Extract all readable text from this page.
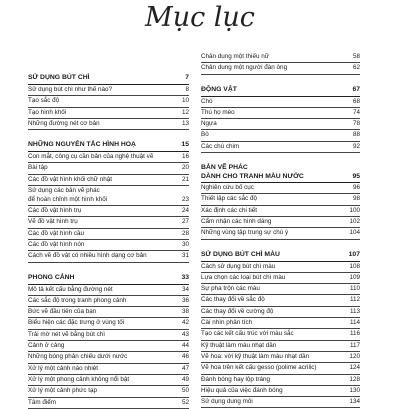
Mục lục
SỬ DỤNG BÚT CHÌ	7
Sử dụng bút chì như thế nào?	8
Tạo sắc độ	10
Tạo hình khối	12
Những đường nét cơ bản	13
NHỮNG NGUYÊN TẮC HÌNH HOẠ	15
Con mắt, công cụ cần bản của nghệ thuật vẽ	16
Bài tập	20
Các đồ vật hình khối chữ nhật	21
Sử dụng các bản vẽ phác
để hoàn chỉnh một hình khối	23
Các đồ vật hình trụ	24
Vẽ đồ vật hình trụ	27
Các đồ vật hình cầu	28
Các đồ vật hình nón	30
Cách vẽ đồ vật có nhiều hình dạng cơ bản	31
PHONG CẢNH	33
Mô tả kết cấu bằng đường nét	34
Các sắc độ trong tranh phong cảnh	36
Bức vẽ đầu tiên của bạn	38
Biểu hiện các đặc trưng ở vùng tối	42
Trải mờ nét vẽ bằng bút chì	43
Cảnh ở cảng	44
Những bóng phản chiếu dưới nước	46
Xử lý một cảnh nào nhiệt	47
Xử lý một phong cảnh không nổi bật	49
Xử lý một cảnh phức tạp	50
Tâm điểm	52
Chân dung một thiếu nữ	58
Chân dung một người đàn ông	62
ĐỘNG VẬT	67
Chó	68
Thú họ mèo	74
Ngựa	78
Bò	88
Các chú chim	92
BẢN VẼ PHÁC
DÀNH CHO TRANH MÀU NƯỚC	95
Nghiên cứu bố cục	96
Thiết lập các sắc độ	98
Xác định các chi tiết	100
Cẩm nhận các hình dáng	102
Những vùng tập trung sự chú ý	104
SỬ DỤNG BÚT CHÌ MÀU	107
Cách sử dụng bút chì màu	108
Lựa chọn các loại bút chì màu	109
Sự pha trộn các màu	110
Các thay đổi về sắc độ	112
Các thay đổi về cường độ	113
Cài nhìn phân tích	114
Tạo các kết cấu trúc với màu sắc	116
Kỹ thuật làm màu nhạt dần	117
Vẽ hoa: với kỹ thuật làm màu nhạt dần	120
Vẽ hoa trên kết cấu gesso (polime acrilic)	124
Đánh bóng hay lộp tráng	128
Hiệu quả của việc đánh bóng	130
Sử dụng dung môi	134
